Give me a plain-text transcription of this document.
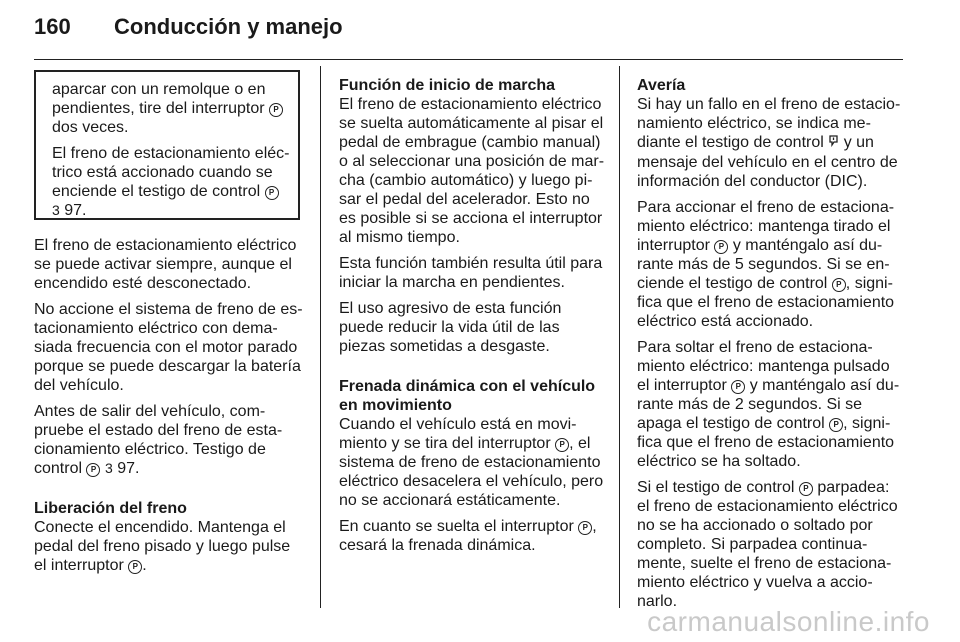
160 Conducción y manejo

aparcar con un remolque o en pendientes, tire del interruptor P dos veces.

El freno de estacionamiento eléctrico está accionado cuando se enciende el testigo de control P
3 97.

El freno de estacionamiento eléctrico se puede activar siempre, aunque el encendido esté desconectado.

No accione el sistema de freno de estacionamiento eléctrico con demasiada frecuencia con el motor parado porque se puede descargar la batería del vehículo.

Antes de salir del vehículo, compruebe el estado del freno de estacionamiento eléctrico. Testigo de control P 3 97.

Liberación del freno

Conecte el encendido. Mantenga el pedal del freno pisado y luego pulse el interruptor P .

Función de inicio de marcha

El freno de estacionamiento eléctrico se suelta automáticamente al pisar el pedal de embrague (cambio manual) o al seleccionar una posición de marcha (cambio automático) y luego pisar el pedal del acelerador. Esto no es posible si se acciona el interruptor al mismo tiempo.

Esta función también resulta útil para iniciar la marcha en pendientes.

El uso agresivo de esta función puede reducir la vida útil de las piezas sometidas a desgaste.

Frenada dinámica con el vehículo en movimiento

Cuando el vehículo está en movimiento y se tira del interruptor P , el sistema de freno de estacionamiento eléctrico desacelera el vehículo, pero no se accionará estáticamente.

En cuanto se suelta el interruptor P , cesará la frenada dinámica.

Avería

Si hay un fallo en el freno de estacionamiento eléctrico, se indica mediante el testigo de control y un mensaje del vehículo en el centro de información del conductor (DIC).

Para accionar el freno de estacionamiento eléctrico: mantenga tirado el interruptor P y manténgalo así durante más de 5 segundos. Si se enciende el testigo de control P , significa que el freno de estacionamiento eléctrico está accionado.

Para soltar el freno de estacionamiento eléctrico: mantenga pulsado el interruptor P y manténgalo así durante más de 2 segundos. Si se apaga el testigo de control P , significa que el freno de estacionamiento eléctrico se ha soltado.

Si el testigo de control P parpadea: el freno de estacionamiento eléctrico no se ha accionado o soltado por completo. Si parpadea continuamente, suelte el freno de estacionamiento eléctrico y vuelva a accionarlo.

carmanualsonline.info
